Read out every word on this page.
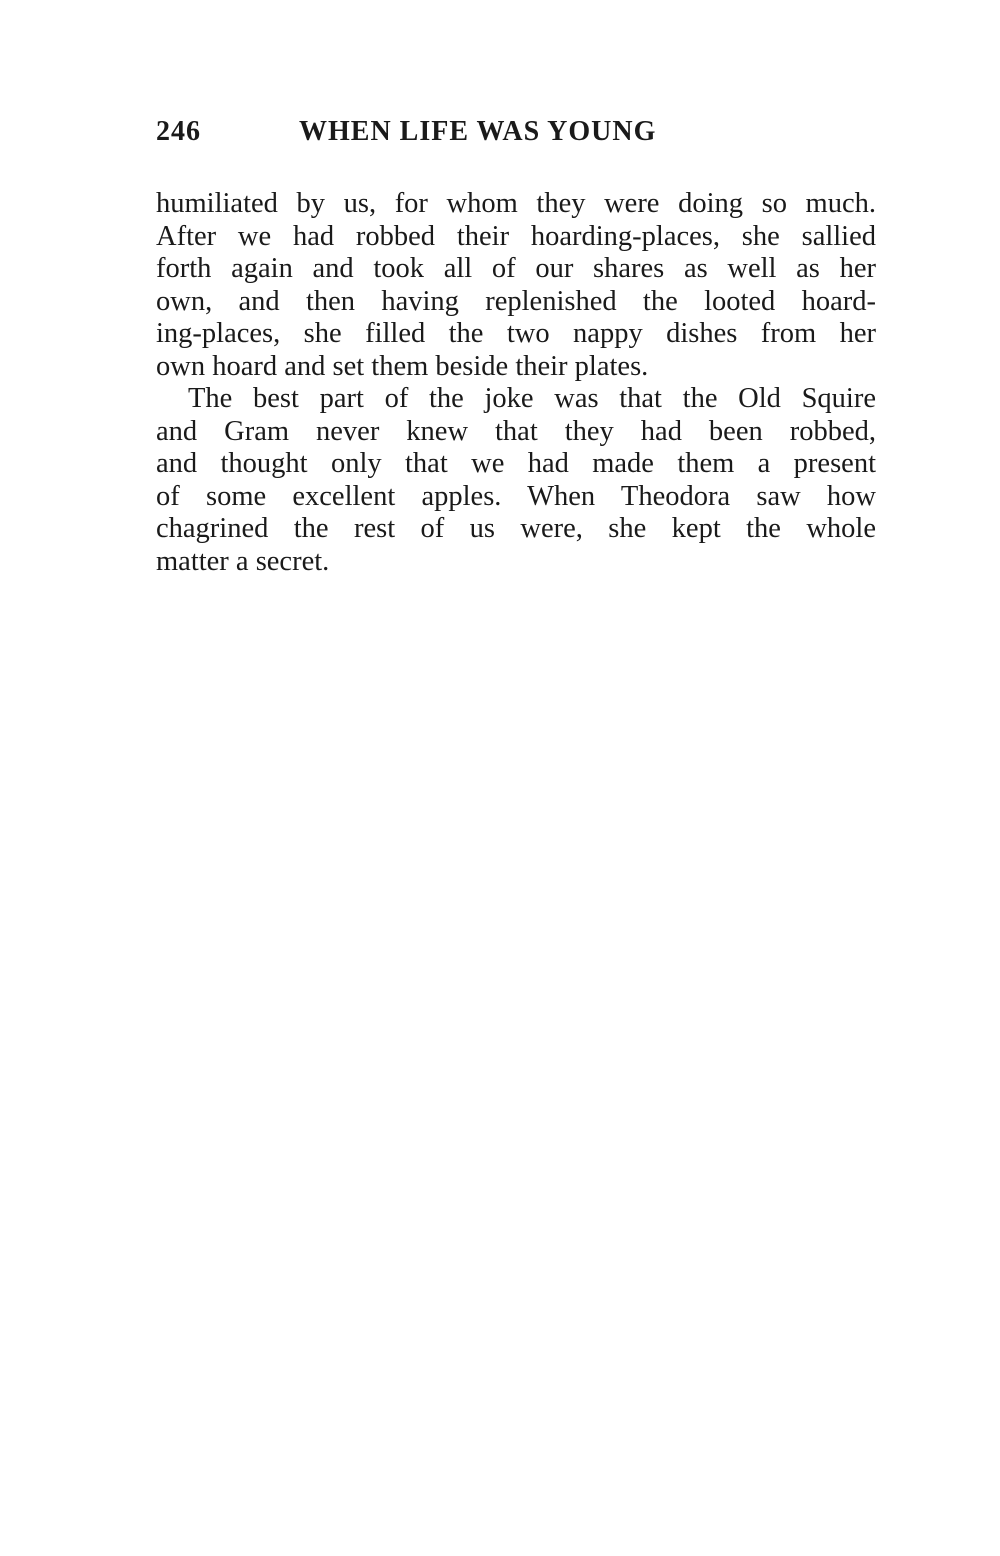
246	WHEN LIFE WAS YOUNG
humiliated by us, for whom they were doing so much.
After we had robbed their hoarding-places, she sallied
forth again and took all of our shares as well as her
own, and then having replenished the looted hoard-
ing-places, she filled the two nappy dishes from her
own hoard and set them beside their plates.
The best part of the joke was that the Old Squire
and Gram never knew that they had been robbed,
and thought only that we had made them a present
of some excellent apples. When Theodora saw how
chagrined the rest of us were, she kept the whole
matter a secret.
